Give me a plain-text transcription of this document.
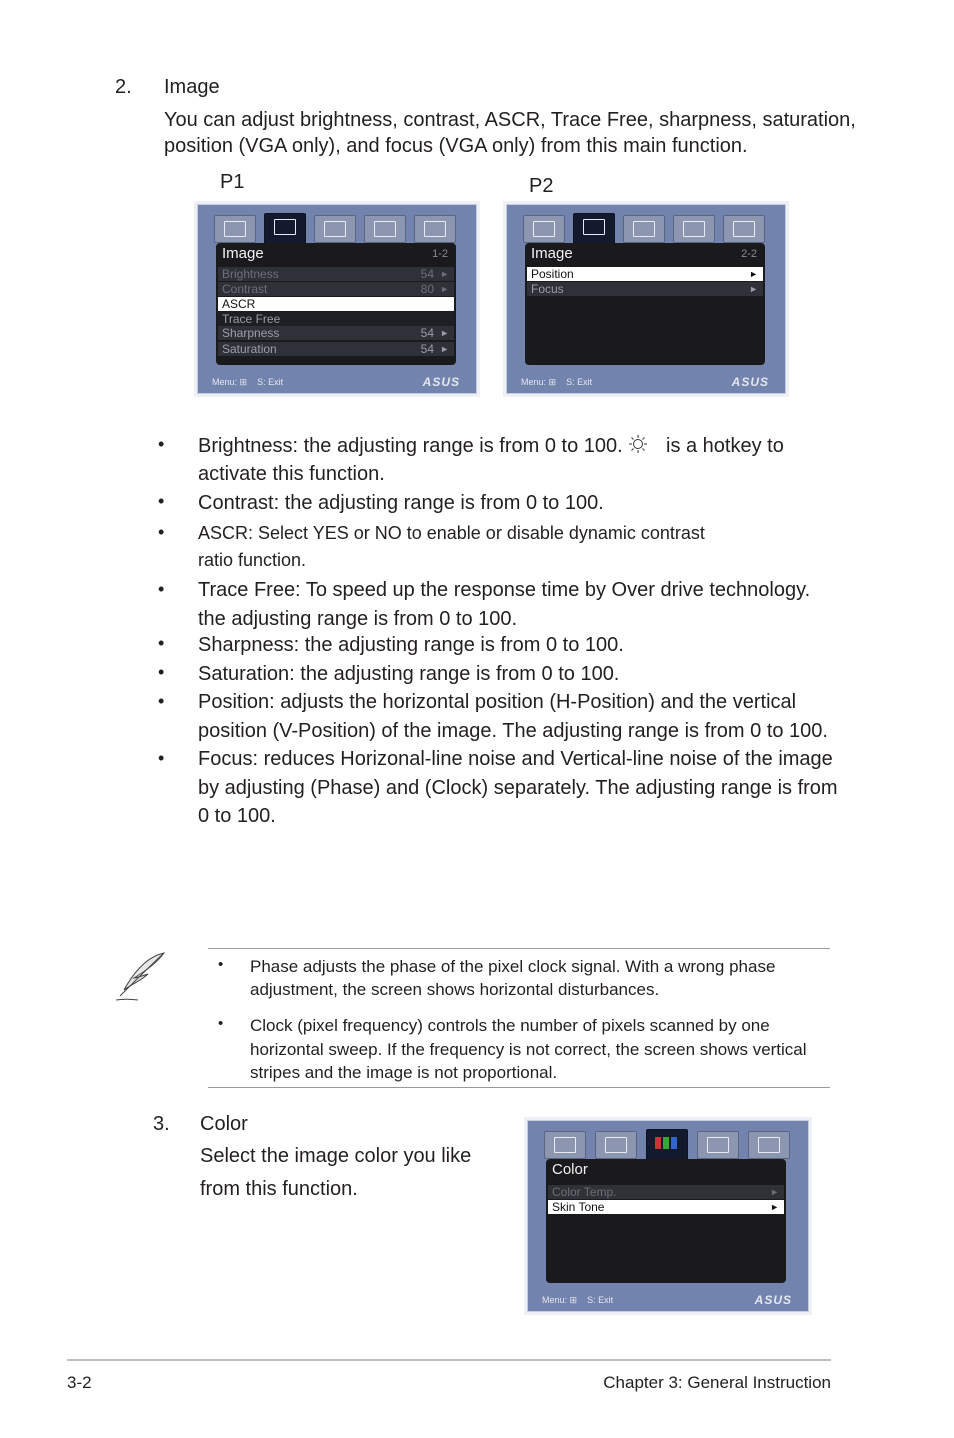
2. Image
You can adjust brightness, contrast, ASCR, Trace Free, sharpness, saturation,
position (VGA only), and focus (VGA only) from this main function.
P1	P2
Image	1-2
Brightness	54 ►
Contrast	80 ►
ASCR
Trace Free
Sharpness	54 ►
Saturation	54 ►
Menu: ⊞    S: Exit	ASUS
Image	2-2
Position	►
Focus	►
Menu: ⊞    S: Exit	ASUS
• Brightness: the adjusting range is from 0 to 100. is a hotkey to
activate this function.
• Contrast: the adjusting range is from 0 to 100.
• ASCR: Select YES or NO to enable or disable dynamic contrast
ratio function.
• Trace Free: To speed up the response time by Over drive technology.
the adjusting range is from 0 to 100.
• Sharpness: the adjusting range is from 0 to 100.
• Saturation: the adjusting range is from 0 to 100.
• Position: adjusts the horizontal position (H-Position) and the vertical
position (V-Position) of the image. The adjusting range is from 0 to 100.
• Focus: reduces Horizonal-line noise and Vertical-line noise of the image
by adjusting (Phase) and (Clock) separately. The adjusting range is from
0 to 100.
• Phase adjusts the phase of the pixel clock signal. With a wrong phase
adjustment, the screen shows horizontal disturbances.
• Clock (pixel frequency) controls the number of pixels scanned by one
horizontal sweep. If the frequency is not correct, the screen shows vertical
stripes and the image is not proportional.
3. Color
Select the image color you like
from this function.
Color
Color Temp.	►
Skin Tone	►
Menu: ⊞    S: Exit	ASUS
3-2	Chapter 3: General Instruction
